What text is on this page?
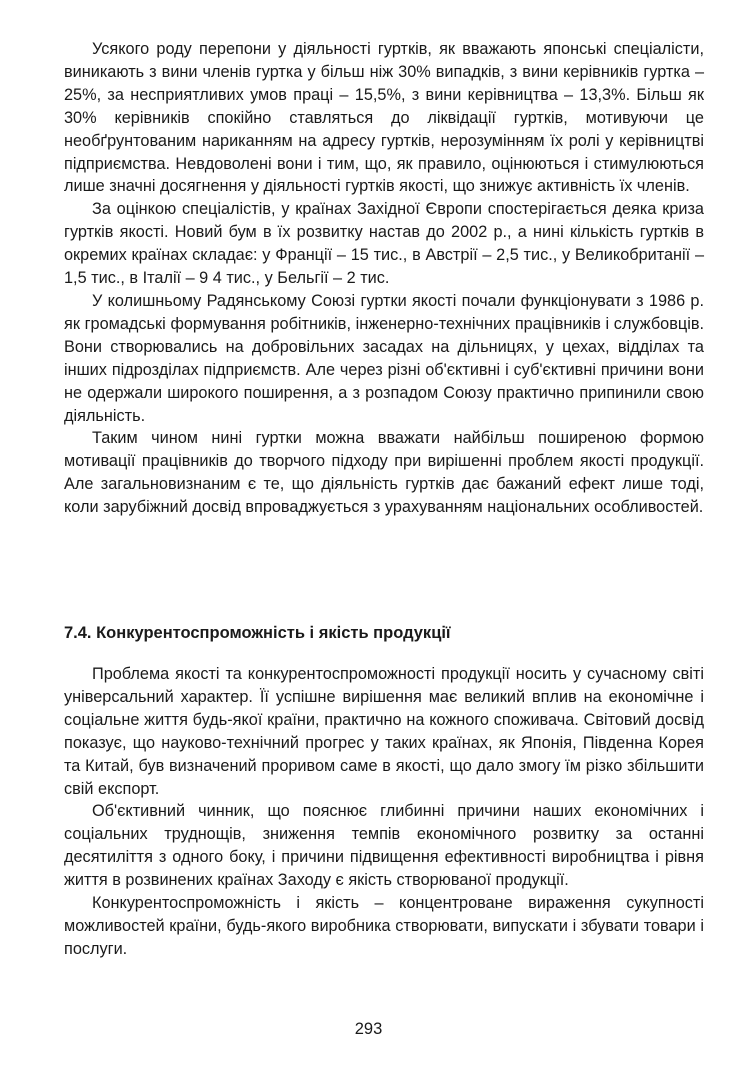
Усякого роду перепони у діяльності гуртків, як вважають японські спеціалісти, виникають з вини членів гуртка у більш ніж 30% випадків, з вини керівників гуртка – 25%, за несприятливих умов праці – 15,5%, з вини керівництва – 13,3%. Більш як 30% керівників спокійно ставляться до ліквідації гуртків, мотивуючи це необґрунтованим нариканням на адресу гуртків, нерозумінням їх ролі у керівництві підприємства. Невдоволені вони і тим, що, як правило, оцінюються і стимулюються лише значні досягнення у діяльності гуртків якості, що знижує активність їх членів.

За оцінкою спеціалістів, у країнах Західної Європи спостерігається деяка криза гуртків якості. Новий бум в їх розвитку настав до 2002 р., а нині кількість гуртків в окремих країнах складає: у Франції – 15 тис., в Австрії – 2,5 тис., у Великобританії – 1,5 тис., в Італії – 9 4 тис., у Бельгії – 2 тис.

У колишньому Радянському Союзі гуртки якості почали функціонувати з 1986 р. як громадські формування робітників, інженерно-технічних працівників і службовців. Вони створювались на добровільних засадах на дільницях, у цехах, відділах та інших підрозділах підприємств. Але через різні об'єктивні і суб'єктивні причини вони не одержали широкого поширення, а з розпадом Союзу практично припинили свою діяльність.

Таким чином нині гуртки можна вважати найбільш поширеною формою мотивації працівників до творчого підходу при вирішенні проблем якості продукції. Але загальновизнаним є те, що діяльність гуртків дає бажаний ефект лише тоді, коли зарубіжний досвід впроваджується з урахуванням національних особливостей.

7.4. Конкурентоспроможність і якість продукції

Проблема якості та конкурентоспроможності продукції носить у сучасному світі універсальний характер. Її успішне вирішення має великий вплив на економічне і соціальне життя будь-якої країни, практично на кожного споживача. Світовий досвід показує, що науково-технічний прогрес у таких країнах, як Японія, Південна Корея та Китай, був визначений проривом саме в якості, що дало змогу їм різко збільшити свій експорт.

Об'єктивний чинник, що пояснює глибинні причини наших економічних і соціальних труднощів, зниження темпів економічного розвитку за останні десятиліття з одного боку, і причини підвищення ефективності виробництва і рівня життя в розвинених країнах Заходу є якість створюваної продукції.

Конкурентоспроможність і якість – концентроване вираження сукупності можливостей країни, будь-якого виробника створювати, випускати і збувати товари і послуги.

293
